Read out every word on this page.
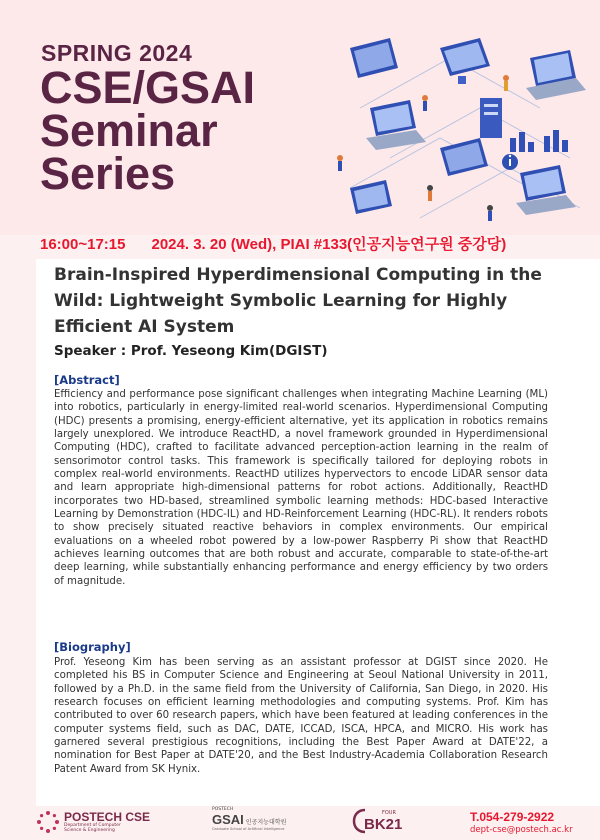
SPRING 2024
CSE/GSAI
Seminar
Series
16:00~17:15 2024. 3. 20 (Wed), PIAI #133(인공지능연구원 중강당)
Brain-Inspired Hyperdimensional Computing in the Wild: Lightweight Symbolic Learning for Highly Efficient AI System
Speaker : Prof. Yeseong Kim(DGIST)
[Abstract]

Efficiency and performance pose significant challenges when integrating Machine Learning (ML) into robotics, particularly in energy-limited real-world scenarios. Hyperdimensional Computing (HDC) presents a promising, energy-efficient alternative, yet its application in robotics remains largely unexplored. We introduce ReactHD, a novel framework grounded in Hyperdimensional Computing (HDC), crafted to facilitate advanced perception-action learning in the realm of sensorimotor control tasks. This framework is specifically tailored for deploying robots in complex real-world environments. ReactHD utilizes hypervectors to encode LiDAR sensor data and learn appropriate high-dimensional patterns for robot actions. Additionally, ReactHD incorporates two HD-based, streamlined symbolic learning methods: HDC-based Interactive Learning by Demonstration (HDC-IL) and HD-Reinforcement Learning (HDC-RL). It renders robots to show precisely situated reactive behaviors in complex environments. Our empirical evaluations on a wheeled robot powered by a low-power Raspberry Pi show that ReactHD achieves learning outcomes that are both robust and accurate, comparable to state-of-the-art deep learning, while substantially enhancing performance and energy efficiency by two orders of magnitude.

[Biography]

Prof. Yeseong Kim has been serving as an assistant professor at DGIST since 2020. He completed his BS in Computer Science and Engineering at Seoul National University in 2011, followed by a Ph.D. in the same field from the University of California, San Diego, in 2020. His research focuses on efficient learning methodologies and computing systems. Prof. Kim has contributed to over 60 research papers, which have been featured at leading conferences in the computer systems field, such as DAC, DATE, ICCAD, ISCA, HPCA, and MICRO. His work has garnered several prestigious recognitions, including the Best Paper Award at DATE'22, a nomination for Best Paper at DATE'20, and the Best Industry-Academia Collaboration Research Patent Award from SK Hynix.

POSTECH CSE
Department of Computer
Science & Engineering
POSTECH
GSAI 인공지능대학원
Graduate School of Artificial Intelligence
FOUR
BK21	T.054-279-2922
dept-cse@postech.ac.kr
